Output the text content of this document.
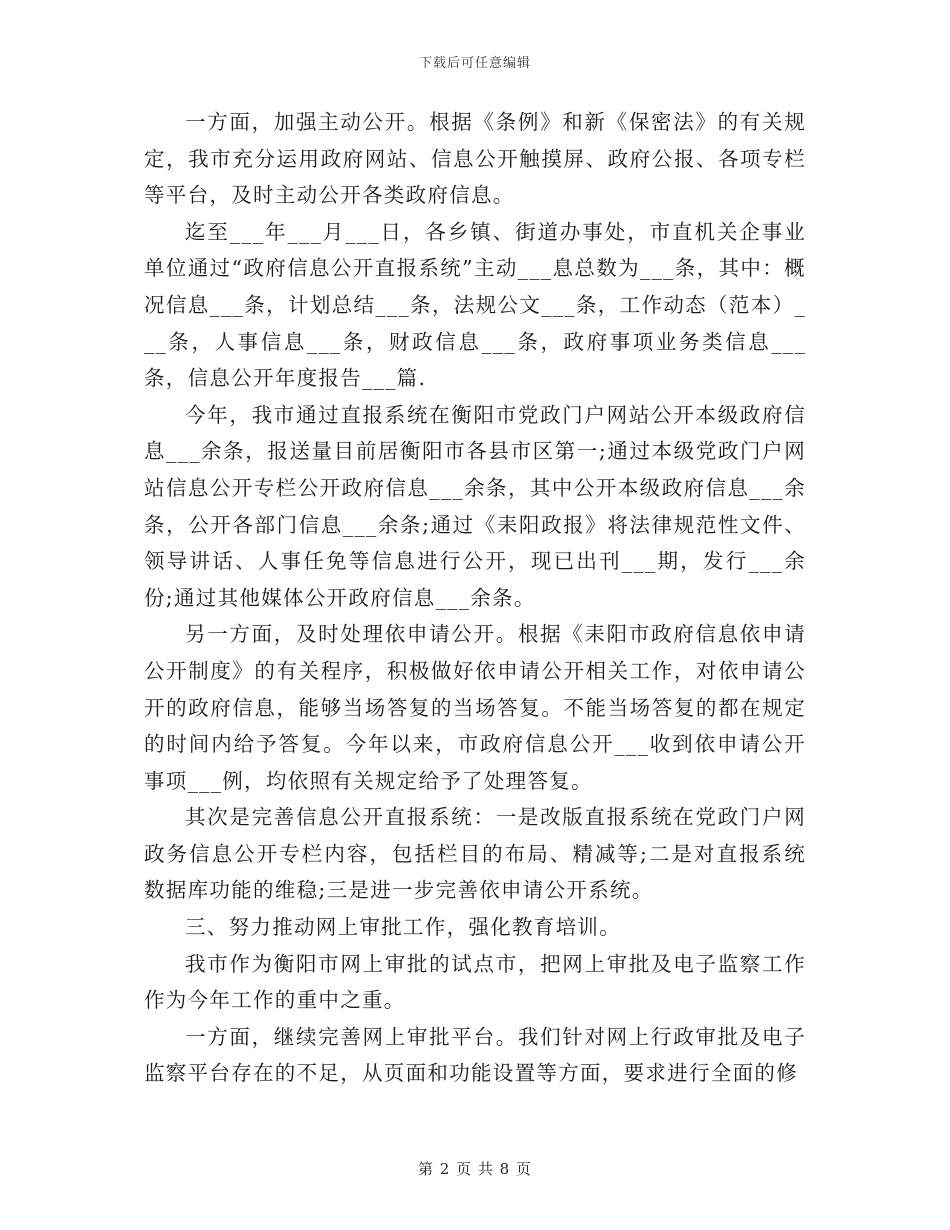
下载后可任意编辑

一方面，加强主动公开。根据《条例》和新《保密法》的有关规定，我市充分运用政府网站、信息公开触摸屏、政府公报、各项专栏等平台，及时主动公开各类政府信息。

迄至___年___月___日，各乡镇、街道办事处，市直机关企事业单位通过“政府信息公开直报系统”主动___息总数为___条，其中：概况信息___条，计划总结___条，法规公文___条，工作动态（范本）___条，人事信息___条，财政信息___条，政府事项业务类信息___条，信息公开年度报告___篇.

今年，我市通过直报系统在衡阳市党政门户网站公开本级政府信息___余条，报送量目前居衡阳市各县市区第一;通过本级党政门户网站信息公开专栏公开政府信息___余条，其中公开本级政府信息___余条，公开各部门信息___余条;通过《耒阳政报》将法律规范性文件、领导讲话、人事任免等信息进行公开，现已出刊___期，发行___余份;通过其他媒体公开政府信息___余条。

另一方面，及时处理依申请公开。根据《耒阳市政府信息依申请公开制度》的有关程序，积极做好依申请公开相关工作，对依申请公开的政府信息，能够当场答复的当场答复。不能当场答复的都在规定的时间内给予答复。今年以来，市政府信息公开___收到依申请公开事项___例，均依照有关规定给予了处理答复。

其次是完善信息公开直报系统：一是改版直报系统在党政门户网政务信息公开专栏内容，包括栏目的布局、精减等;二是对直报系统数据库功能的维稳;三是进一步完善依申请公开系统。

三、努力推动网上审批工作，强化教育培训。

我市作为衡阳市网上审批的试点市，把网上审批及电子监察工作作为今年工作的重中之重。

一方面，继续完善网上审批平台。我们针对网上行政审批及电子监察平台存在的不足，从页面和功能设置等方面，要求进行全面的修

第 2 页 共 8 页
